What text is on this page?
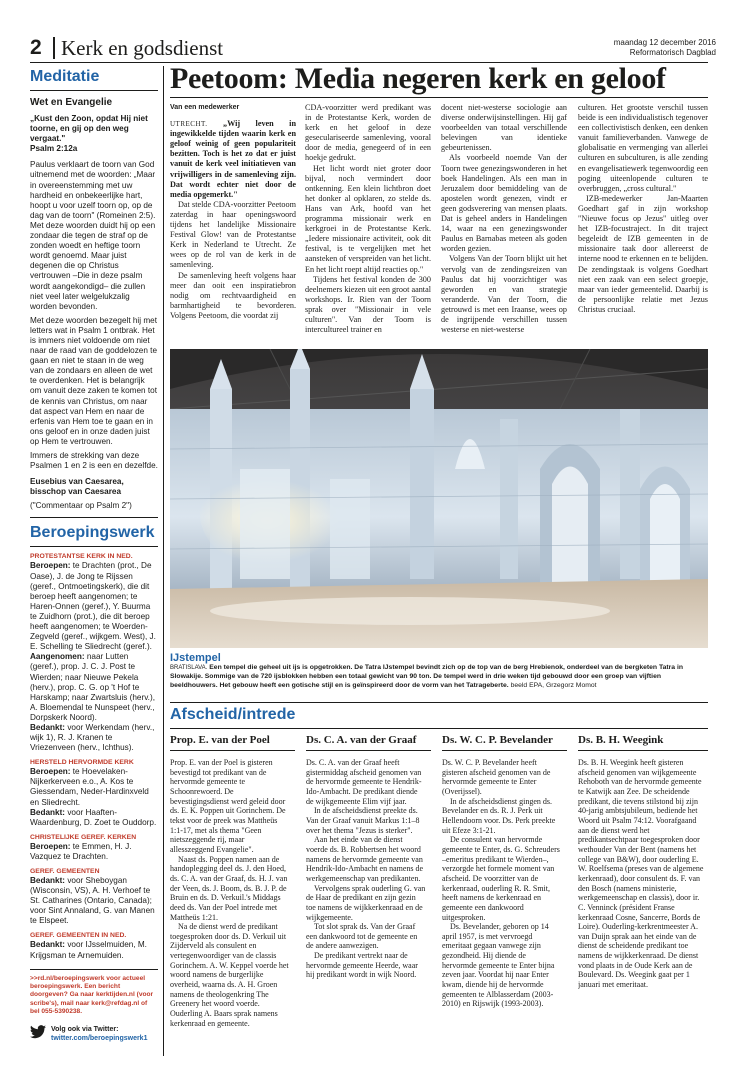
2 Kerk en godsdienst	maandag 12 december 2016
Reformatorisch Dagblad
Meditatie
Wet en Evangelie
„Kust den Zoon, opdat Hij niet toorne, en gij op den weg vergaat."
Psalm 2:12a
Paulus verklaart de toorn van God uitnemend met de woorden: „Maar in overeenstemming met uw hardheid en onbekeerlijke hart, hoopt u voor uzelf toorn op, op de dag van de toorn" (Romeinen 2:5). Met deze woorden duidt hij op een zondaar die tegen de straf op de zonden woedt en heftige toorn wordt genoemd. Maar juist degenen die op Christus vertrouwen –Die in deze psalm wordt aangekondigd– die zullen niet veel later welgelukzalig worden bevonden.
Met deze woorden bezegelt hij met letters wat in Psalm 1 ontbrak. Het is immers niet voldoende om niet naar de raad van de goddelozen te gaan en niet te staan in de weg van de zondaars en alleen de wet te overdenken. Het is belangrijk om vanuit deze zaken te komen tot de kennis van Christus, om naar dat aspect van Hem en naar de erfenis van Hem toe te gaan en in ons geloof en in onze daden juist op Hem te vertrouwen.
Immers de strekking van deze Psalmen 1 en 2 is een en dezelfde.
Eusebius van Caesarea,
bisschop van Caesarea
("Commentaar op Psalm 2")
Beroepingswerk
PROTESTANTSE KERK IN NED.
Beroepen: te Drachten (prot., De Oase), J. de Jong te Rijssen (geref., Ontmoetingskerk), die dit beroep heeft aangenomen; te Haren-Onnen (geref.), Y. Buurma te Zuidhorn (prot.), die dit beroep heeft aangenomen; te Woerden-Zegveld (geref., wijkgem. West), J. E. Schelling te Sliedrecht (geref.).
Aangenomen: naar Lutten (geref.), prop. J. C. J. Post te Wierden; naar Nieuwe Pekela (herv.), prop. C. G. op 't Hof te Harskamp; naar Zwartsluis (herv.), A. Bloemendal te Nunspeet (herv., Dorpskerk Noord).
Bedankt: voor Werkendam (herv., wijk 1), R. J. Kranen te Vriezenveen (herv., Ichthus).
HERSTELD HERVORMDE KERK
Beroepen: te Hoevelaken-Nijkerkerveen e.o., A. Kos te Giessendam, Neder-Hardinxveld en Sliedrecht.
Bedankt: voor Haaften-Waardenburg, D. Zoet te Ouddorp.
CHRISTELIJKE GEREF. KERKEN
Beroepen: te Emmen, H. J. Vazquez te Drachten.
GEREF. GEMEENTEN
Bedankt: voor Sheboygan (Wisconsin, VS), A. H. Verhoef te St. Catharines (Ontario, Canada); voor Sint Annaland, G. van Manen te Elspeet.
GEREF. GEMEENTEN IN NED.
Bedankt: voor IJsselmuiden, M. Krijgsman te Arnemuiden.
>>rd.nl/beroepingswerk voor actueel beroepingswerk. Een bericht doorgeven? Ga naar kerktijden.nl (voor scribe's), mail naar kerk@refdag.nl of bel 055-5390238.
Volg ook via Twitter:
twitter.com/beroepingswerk1
Peetoom: Media negeren kerk en geloof

Van een medewerker

UTRECHT. „Wij leven in ingewikkelde tijden waarin kerk en geloof weinig of geen populariteit bezitten. Toch is het zo dat er juist vanuit de kerk veel initiatieven van vrijwilligers in de samenleving zijn. Dat wordt echter niet door de media opgemerkt."

Dat stelde CDA-voorzitter Peetoom zaterdag in haar openingswoord tijdens het landelijke Missionaire Festival Glow! van de Protestantse Kerk in Nederland te Utrecht. Ze wees op de rol van de kerk in de samenleving.

De samenleving heeft volgens haar meer dan ooit een inspiratiebron nodig om rechtvaardigheid en barmhartigheid te bevorderen. Volgens Peetoom, die voordat zij

CDA-voorzitter werd predikant was in de Protestantse Kerk, worden de kerk en het geloof in deze geseculariseerde samenleving, vooral door de media, genegeerd of in een hoekje gedrukt.

Het licht wordt niet groter door bijval, noch vermindert door ontkenning. Een klein lichtbron doet het donker al opklaren, zo stelde ds. Hans van Ark, hoofd van het programma missionair werk en kerkgroei in de Protestantse Kerk. „Iedere missionaire activiteit, ook dit festival, is te vergelijken met het aansteken of verspreiden van het licht. En het licht roept altijd reacties op."

Tijdens het festival konden de 300 deelnemers kiezen uit een groot aantal workshops. Ir. Rien van der Toorn sprak over "Missionair in vele culturen". Van der Toorn is intercultureel trainer en

docent niet-westerse sociologie aan diverse onderwijsinstellingen. Hij gaf voorbeelden van totaal verschillende belevingen van identieke gebeurtenissen.

Als voorbeeld noemde Van der Toorn twee genezingswonderen in het boek Handelingen. Als een man in Jeruzalem door bemiddeling van de apostelen wordt genezen, vindt er geen godsverering van mensen plaats. Dat is geheel anders in Handelingen 14, waar na een genezingswonder Paulus en Barnabas meteen als goden worden gezien.

Volgens Van der Toorn blijkt uit het vervolg van de zendingsreizen van Paulus dat hij voorzichtiger was geworden en van strategie veranderde. Van der Toorn, die getrouwd is met een Iraanse, wees op de ingrijpende verschillen tussen westerse en niet-westerse

culturen. Het grootste verschil tussen beide is een individualistisch tegenover een collectivistisch denken, een denken vanuit familieverbanden. Vanwege de globalisatie en vermenging van allerlei culturen en subculturen, is alle zending en evangelisatiewerk tegenwoordig een poging uiteenlopende culturen te overbruggen, „cross cultural."

IZB-medewerker Jan-Maarten Goedhart gaf in zijn workshop "Nieuwe focus op Jezus" uitleg over het IZB-focustraject. In dit traject begeleidt de IZB gemeenten in de missionaire taak door allereerst de interne nood te erkennen en te belijden. De zendingstaak is volgens Goedhart niet een zaak van een select groepje, maar van ieder gemeentelid. Daarbij is de persoonlijke relatie met Jezus Christus cruciaal.

IJstempel
BRATISLAVA. Een tempel die geheel uit ijs is opgetrokken. De Tatra IJstempel bevindt zich op de top van de berg Hrebienok, onderdeel van de bergketen Tatra in Slowakije. Sommige van de 720 ijsblokken hebben een totaal gewicht van 90 ton. De tempel werd in drie weken tijd gebouwd door een groep van vijftien beeldhouwers. Het gebouw heeft een gotische stijl en is geïnspireerd door de vorm van het Tatrageberte. beeld EPA, Grzegorz Momot
Afscheid/intrede
Prop. E. van der Poel

Prop. E. van der Poel is gisteren bevestigd tot predikant van de hervormde gemeente te Schoonrewoerd. De bevestigingsdienst werd geleid door ds. E. K. Poppen uit Gorinchem. De tekst voor de preek was Mattheüs 1:1-17, met als thema "Geen nietszeggende rij, maar allesszeggend Evangelie".

Naast ds. Poppen namen aan de handoplegging deel ds. J. den Hoed, ds. C. A. van der Graaf, ds. H. J. van der Veen, ds. J. Boom, ds. B. J. P. de Bruin en ds. D. Verkuil.'s Middags deed ds. Van der Poel intrede met Mattheüs 1:21.

Na de dienst werd de predikant toegesproken door ds. D. Verkuil uit Zijderveld als consulent en vertegenwoordiger van de classis Gorinchem. A. W. Keppel voerde het woord namens de burgerlijke overheid, waarna ds. A. H. Groen namens de theologenkring The Greenery het woord voerde. Ouderling A. Baars sprak namens kerkenraad en gemeente.

Ds. C. A. van der Graaf

Ds. C. A. van der Graaf heeft gistermiddag afscheid genomen van de hervormde gemeente te Hendrik-Ido-Ambacht. De predikant diende de wijkgemeente Elim vijf jaar.

In de afscheidsdienst preekte ds. Van der Graaf vanuit Markus 1:1–8 over het thema "Jezus is sterker".

Aan het einde van de dienst voerde ds. B. Robbertsen het woord namens de hervormde gemeente van Hendrik-Ido-Ambacht en namens de werkgemeenschap van predikanten.

Vervolgens sprak ouderling G. van de Haar de predikant en zijn gezin toe namens de wijkkerkenraad en de wijkgemeente.

Tot slot sprak ds. Van der Graaf een dankwoord tot de gemeente en de andere aanwezigen.

De predikant vertrekt naar de hervormde gemeente Heerde, waar hij predikant wordt in wijk Noord.

Ds. W. C. P. Bevelander

Ds. W. C. P. Bevelander heeft gisteren afscheid genomen van de hervormde gemeente te Enter (Overijssel).

In de afscheidsdienst gingen ds. Bevelander en ds. R. J. Perk uit Hellendoorn voor. Ds. Perk preekte uit Efeze 3:1-21.

De consulent van hervormde gemeente te Enter, ds. G. Schreuders –emeritus predikant te Wierden–, verzorgde het formele moment van afscheid. De voorzitter van de kerkenraad, ouderling R. R. Smit, heeft namens de kerkenraad en gemeente een dankwoord uitgesproken.

Ds. Bevelander, geboren op 14 april 1957, is met vervroegd emeritaat gegaan vanwege zijn gezondheid. Hij diende de hervormde gemeente te Enter bijna zeven jaar. Voordat hij naar Enter kwam, diende hij de hervormde gemeenten te Alblasserdam (2003-2010) en Rijswijk (1993-2003).

Ds. B. H. Weegink

Ds. B. H. Weegink heeft gisteren afscheid genomen van wijkgemeente Rehoboth van de hervormde gemeente te Katwijk aan Zee. De scheidende predikant, die tevens stilstond bij zijn 40-jarig ambtsjubileum, bediende het Woord uit Psalm 74:12. Voorafgaand aan de dienst werd het predikantsechtpaar toegesproken door wethouder Van der Bent (namens het college van B&W), door ouderling E. W. Roelfsema (preses van de algemene kerkenraad), door consulent ds. F. van den Bosch (namens ministerie, werkgemeenschap en classis), door ir. C. Venninck (président Franse kerkenraad Cosne, Sancerre, Bords de Loire). Ouderling-kerkrentmeester A. van Duijn sprak aan het einde van de dienst de scheidende predikant toe namens de wijkkerkenraad. De dienst vond plaats in de Oude Kerk aan de Boulevard. Ds. Weegink gaat per 1 januari met emeritaat.
